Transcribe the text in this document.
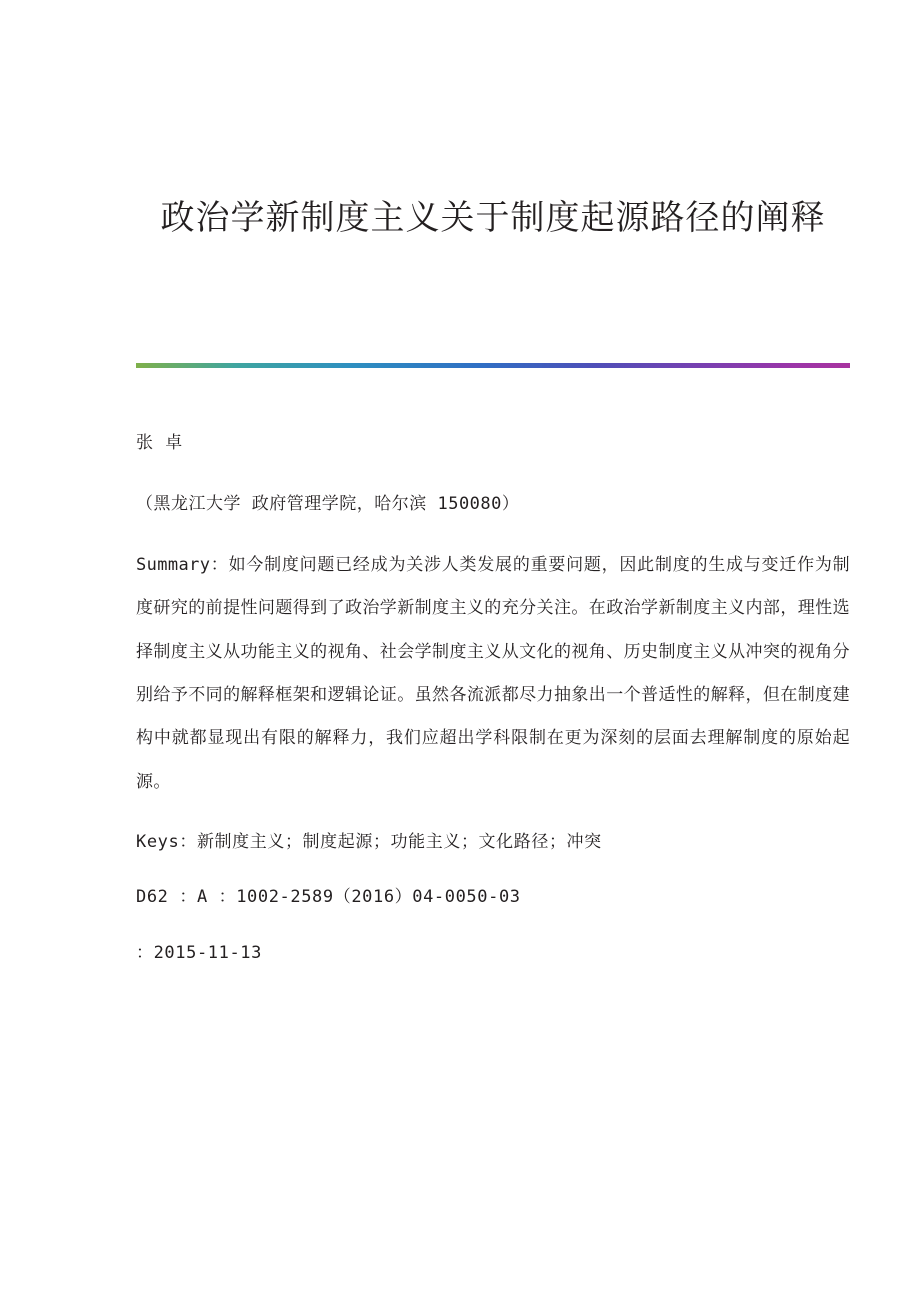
政治学新制度主义关于制度起源路径的阐释
张 卓
（黑龙江大学 政府管理学院，哈尔滨 150080）
Summary：如今制度问题已经成为关涉人类发展的重要问题，因此制度的生成与变迁作为制度研究的前提性问题得到了政治学新制度主义的充分关注。在政治学新制度主义内部，理性选择制度主义从功能主义的视角、社会学制度主义从文化的视角、历史制度主义从冲突的视角分别给予不同的解释框架和逻辑论证。虽然各流派都尽力抽象出一个普适性的解释，但在制度建构中就都显现出有限的解释力，我们应超出学科限制在更为深刻的层面去理解制度的原始起源。
Keys：新制度主义；制度起源；功能主义；文化路径；冲突
D62 ：A ：1002-2589（2016）04-0050-03
：2015-11-13
